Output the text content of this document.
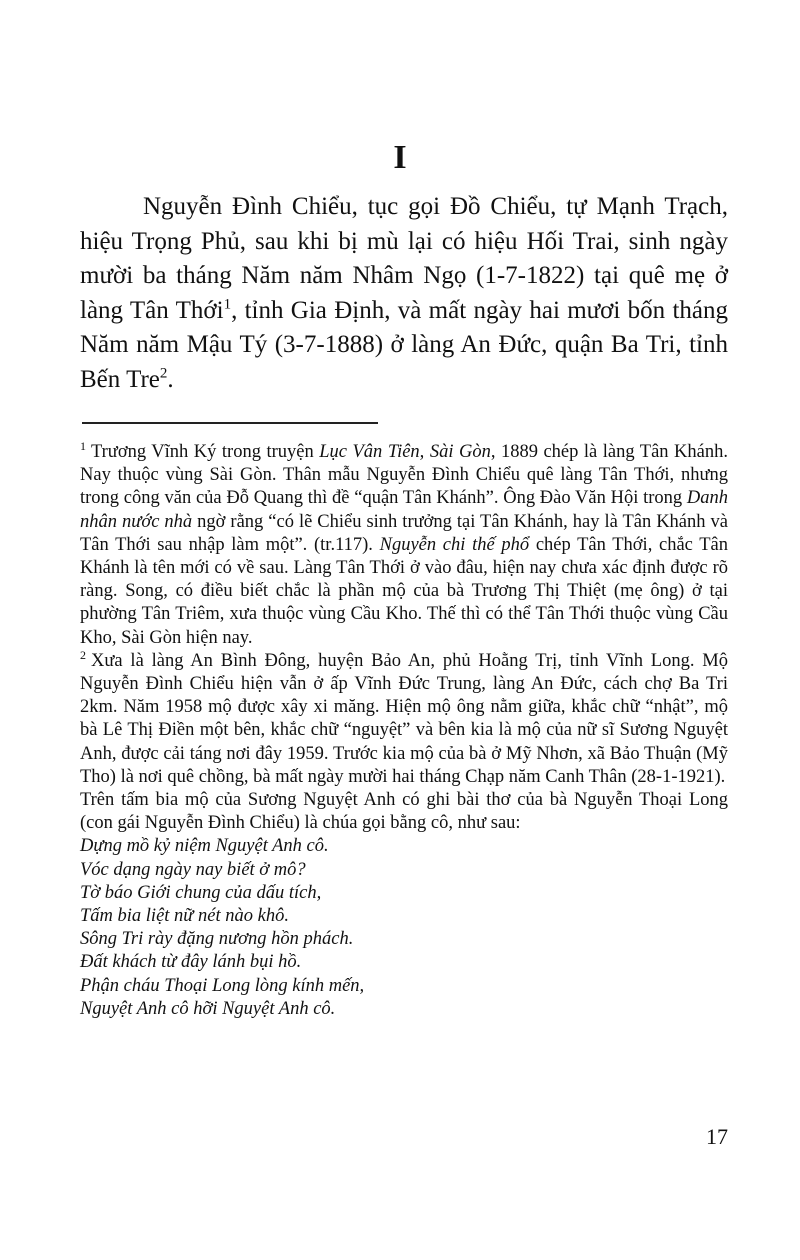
I

Nguyễn Đình Chiểu, tục gọi Đồ Chiểu, tự Mạnh Trạch, hiệu Trọng Phủ, sau khi bị mù lại có hiệu Hối Trai, sinh ngày mười ba tháng Năm năm Nhâm Ngọ (1-7-1822) tại quê mẹ ở làng Tân Thới$^1$, tỉnh Gia Định, và mất ngày hai mươi bốn tháng Năm năm Mậu Tý (3-7-1888) ở làng An Đức, quận Ba Tri, tỉnh Bến Tre$^2$.

$^1$ Trương Vĩnh Ký trong truyện Lục Vân Tiên, Sài Gòn, 1889 chép là làng Tân Khánh. Nay thuộc vùng Sài Gòn. Thân mẫu Nguyễn Đình Chiểu quê làng Tân Thới, nhưng trong công văn của Đỗ Quang thì đề “quận Tân Khánh”. Ông Đào Văn Hội trong Danh nhân nước nhà ngờ rằng “có lẽ Chiểu sinh trưởng tại Tân Khánh, hay là Tân Khánh và Tân Thới sau nhập làm một”. (tr.117). Nguyễn chi thế phổ chép Tân Thới, chắc Tân Khánh là tên mới có về sau. Làng Tân Thới ở vào đâu, hiện nay chưa xác định được rõ ràng. Song, có điều biết chắc là phần mộ của bà Trương Thị Thiệt (mẹ ông) ở tại phường Tân Triêm, xưa thuộc vùng Cầu Kho. Thế thì có thể Tân Thới thuộc vùng Cầu Kho, Sài Gòn hiện nay.

$^2$ Xưa là làng An Bình Đông, huyện Bảo An, phủ Hoằng Trị, tỉnh Vĩnh Long. Mộ Nguyễn Đình Chiểu hiện vẫn ở ấp Vĩnh Đức Trung, làng An Đức, cách chợ Ba Tri 2km. Năm 1958 mộ được xây xi măng. Hiện mộ ông nằm giữa, khắc chữ “nhật”, mộ bà Lê Thị Điền một bên, khắc chữ “nguyệt” và bên kia là mộ của nữ sĩ Sương Nguyệt Anh, được cải táng nơi đây 1959. Trước kia mộ của bà ở Mỹ Nhơn, xã Bảo Thuận (Mỹ Tho) là nơi quê chồng, bà mất ngày mười hai tháng Chạp năm Canh Thân (28-1-1921).

Trên tấm bia mộ của Sương Nguyệt Anh có ghi bài thơ của bà Nguyễn Thoại Long (con gái Nguyễn Đình Chiểu) là chúa gọi bằng cô, như sau:

Dựng mồ kỷ niệm Nguyệt Anh cô.
Vóc dạng ngày nay biết ở mô?
Tờ báo Giới chung của dấu tích,
Tấm bia liệt nữ nét nào khô.
Sông Tri rày đặng nương hồn phách.
Đất khách từ đây lánh bụi hồ.
Phận cháu Thoại Long lòng kính mến,
Nguyệt Anh cô hỡi Nguyệt Anh cô.
17
